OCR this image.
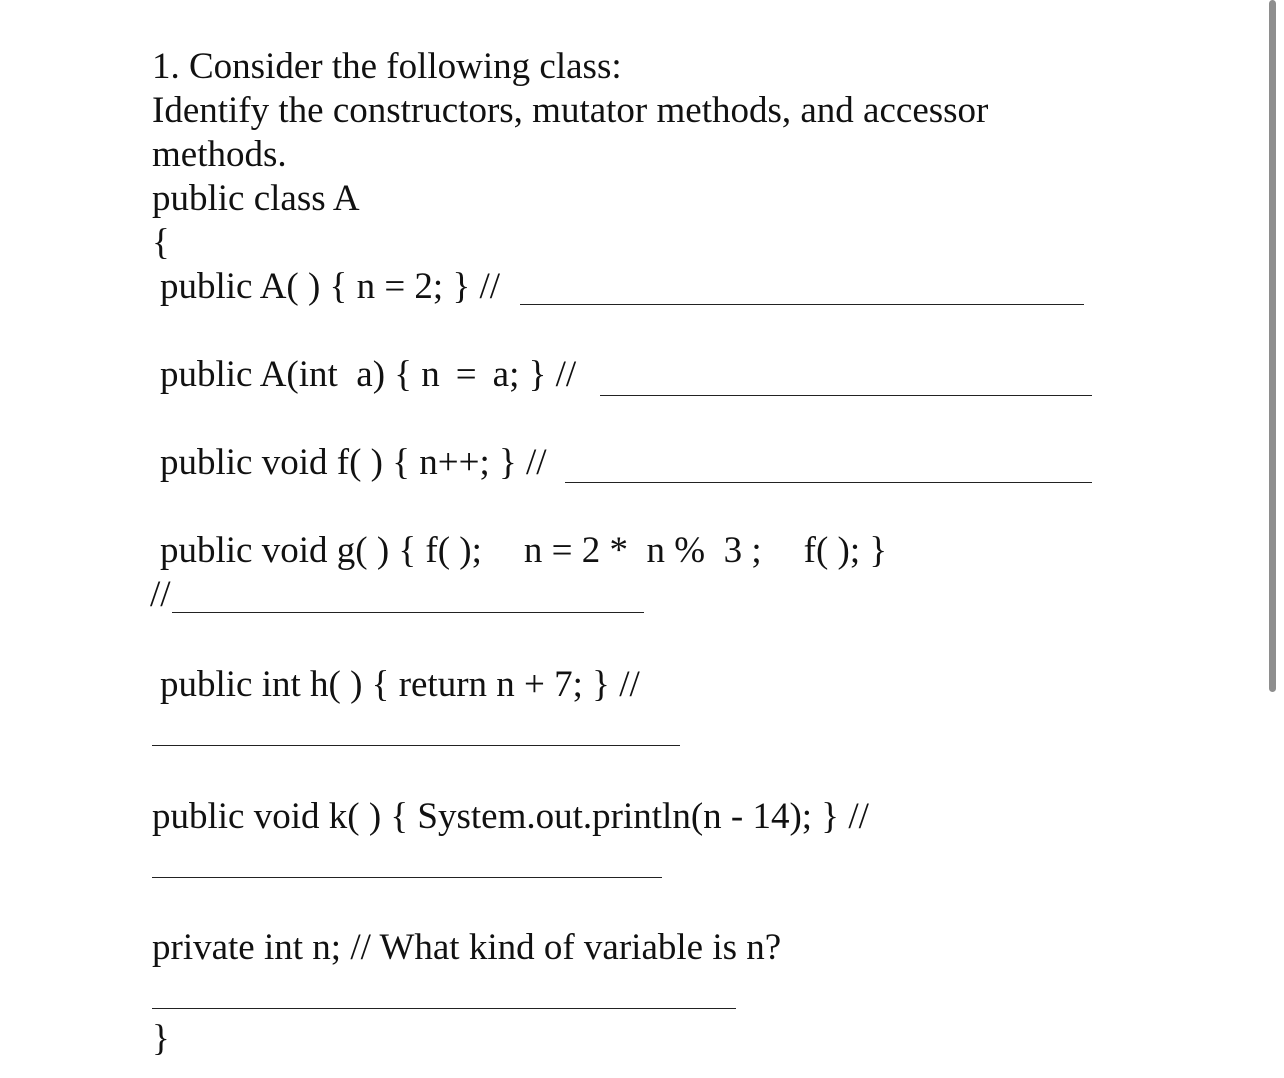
1. Consider the following class:

Identify the constructors, mutator methods, and accessor

methods.

public class A

{

public A( ) { n = 2; } //

public A(int  a) { n = a; } //

public void f( ) { n++; } //

public void g( ) { f( ); n = 2 *  n %  3 ; f( ); }

//

public int h( ) { return n + 7; } //

public void k( ) { System.out.println(n - 14); } //

private int n; // What kind of variable is n?

}
